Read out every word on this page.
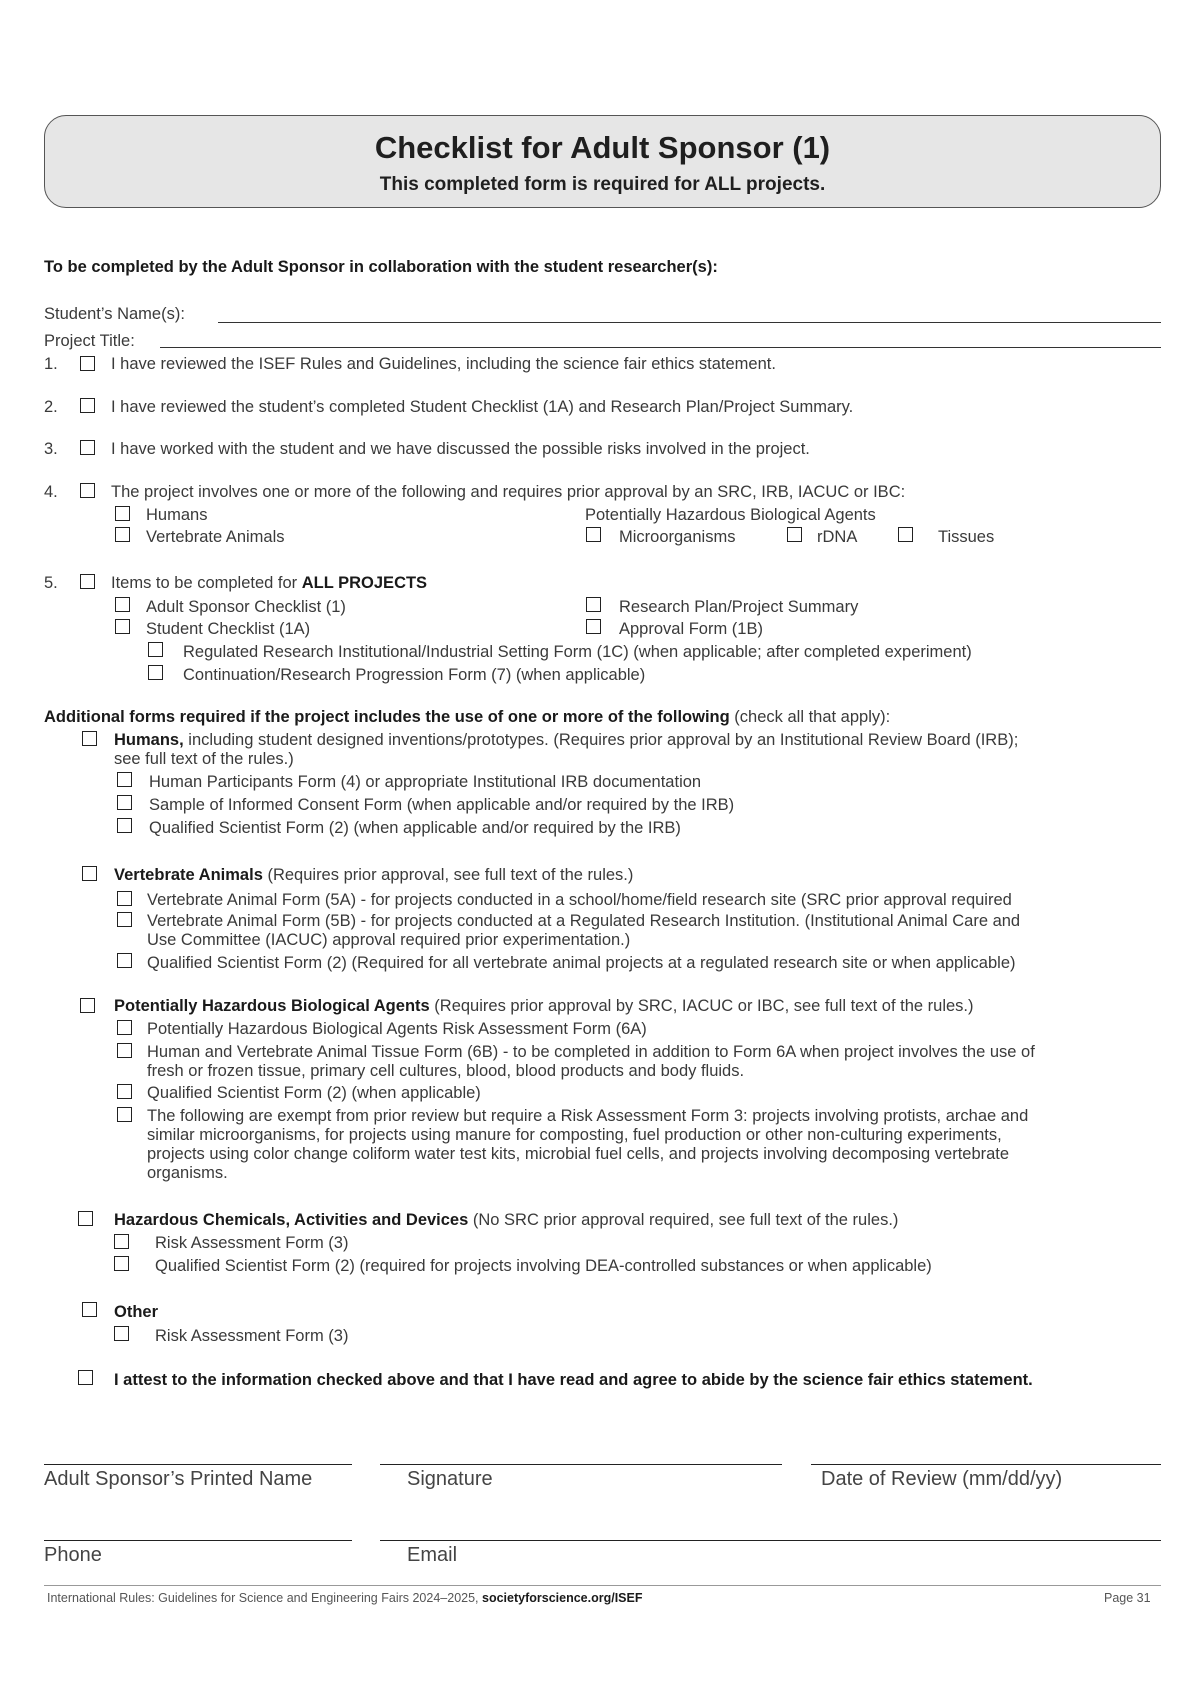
Checklist for Adult Sponsor (1)
This completed form is required for ALL projects.
To be completed by the Adult Sponsor in collaboration with the student researcher(s):
Student’s Name(s):
Project Title:
1.	I have reviewed the ISEF Rules and Guidelines, including the science fair ethics statement.
2.	I have reviewed the student’s completed Student Checklist (1A) and Research Plan/Project Summary.
3.	I have worked with the student and we have discussed the possible risks involved in the project.
4.	The project involves one or more of the following and requires prior approval by an SRC, IRB, IACUC or IBC:
Humans
Vertebrate Animals
Potentially Hazardous Biological Agents
Microorganisms	rDNA	Tissues
5.	Items to be completed for ALL PROJECTS
Adult Sponsor Checklist (1)
Student Checklist (1A)
Research Plan/Project Summary
Approval Form (1B)
Regulated Research Institutional/Industrial Setting Form (1C) (when applicable; after completed experiment)
Continuation/Research Progression Form (7) (when applicable)
Additional forms required if the project includes the use of one or more of the following (check all that apply):
Humans, including student designed inventions/prototypes. (Requires prior approval by an Institutional Review Board (IRB);
see full text of the rules.)
Human Participants Form (4) or appropriate Institutional IRB documentation
Sample of Informed Consent Form (when applicable and/or required by the IRB)
Qualified Scientist Form (2) (when applicable and/or required by the IRB)
Vertebrate Animals (Requires prior approval, see full text of the rules.)
Vertebrate Animal Form (5A) - for projects conducted in a school/home/field research site (SRC prior approval required
Vertebrate Animal Form (5B) - for projects conducted at a Regulated Research Institution. (Institutional Animal Care and
Use Committee (IACUC) approval required prior experimentation.)
Qualified Scientist Form (2) (Required for all vertebrate animal projects at a regulated research site or when applicable)
Potentially Hazardous Biological Agents (Requires prior approval by SRC, IACUC or IBC, see full text of the rules.)
Potentially Hazardous Biological Agents Risk Assessment Form (6A)
Human and Vertebrate Animal Tissue Form (6B) - to be completed in addition to Form 6A when project involves the use of
fresh or frozen tissue, primary cell cultures, blood, blood products and body fluids.
Qualified Scientist Form (2) (when applicable)
The following are exempt from prior review but require a Risk Assessment Form 3: projects involving protists, archae and
similar microorganisms, for projects using manure for composting, fuel production or other non-culturing experiments,
projects using color change coliform water test kits, microbial fuel cells, and projects involving decomposing vertebrate
organisms.
Hazardous Chemicals, Activities and Devices (No SRC prior approval required, see full text of the rules.)
Risk Assessment Form (3)
Qualified Scientist Form (2) (required for projects involving DEA-controlled substances or when applicable)
Other
Risk Assessment Form (3)
I attest to the information checked above and that I have read and agree to abide by the science fair ethics statement.
Adult Sponsor’s Printed Name	Signature	Date of Review (mm/dd/yy)
Phone	Email
International Rules: Guidelines for Science and Engineering Fairs 2024–2025, societyforscience.org/ISEF	Page 31
